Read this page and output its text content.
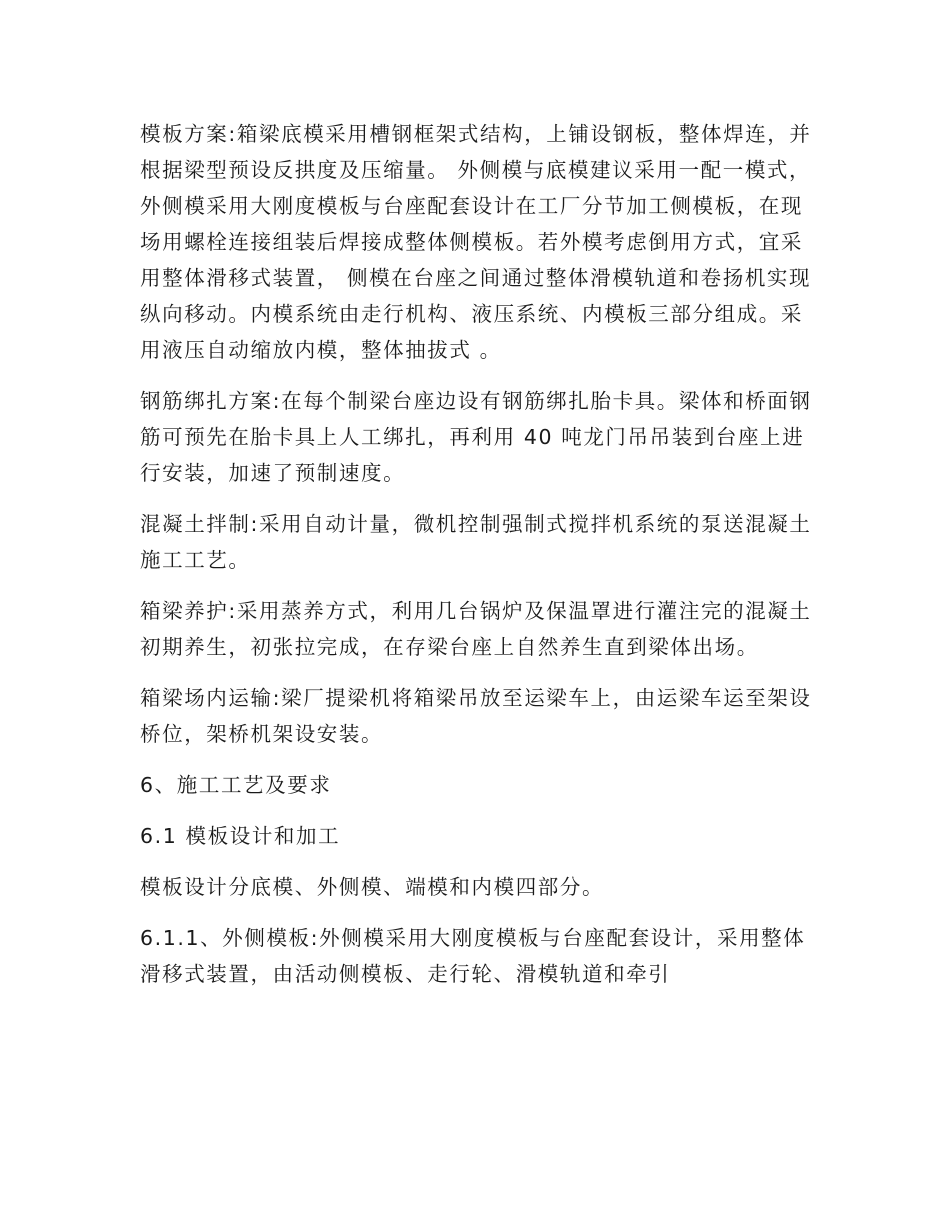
模板方案:箱梁底模采用槽钢框架式结构，上铺设钢板，整体焊连，并根据梁型预设反拱度及压缩量。 外侧模与底模建议采用一配一模式，外侧模采用大刚度模板与台座配套设计在工厂分节加工侧模板，在现场用螺栓连接组装后焊接成整体侧模板。若外模考虑倒用方式，宜采用整体滑移式装置， 侧模在台座之间通过整体滑模轨道和卷扬机实现纵向移动。内模系统由走行机构、液压系统、内模板三部分组成。采用液压自动缩放内模，整体抽拔式 。

钢筋绑扎方案:在每个制梁台座边设有钢筋绑扎胎卡具。梁体和桥面钢筋可预先在胎卡具上人工绑扎，再利用 40 吨龙门吊吊装到台座上进行安装，加速了预制速度。

混凝土拌制:采用自动计量，微机控制强制式搅拌机系统的泵送混凝土施工工艺。

箱梁养护:采用蒸养方式，利用几台锅炉及保温罩进行灌注完的混凝土初期养生，初张拉完成，在存梁台座上自然养生直到梁体出场。

箱梁场内运输:梁厂提梁机将箱梁吊放至运梁车上，由运梁车运至架设桥位，架桥机架设安装。

6、施工工艺及要求

6.1 模板设计和加工

模板设计分底模、外侧模、端模和内模四部分。

6.1.1、外侧模板:外侧模采用大刚度模板与台座配套设计，采用整体滑移式装置，由活动侧模板、走行轮、滑模轨道和牵引
